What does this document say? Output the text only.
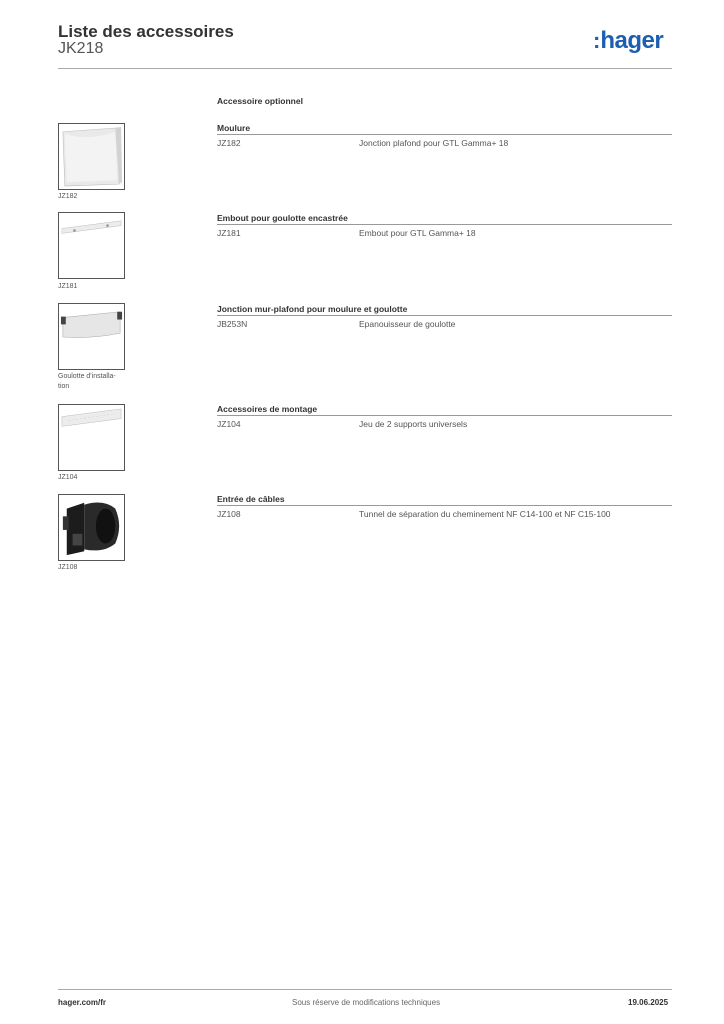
Liste des accessoires
JK218	:hager
Accessoire optionnel
Moulure
JZ182	Jonction plafond pour GTL Gamma+ 18
JZ182
Embout pour goulotte encastrée
JZ181	Embout pour GTL Gamma+ 18
JZ181
Jonction mur-plafond pour moulure et goulotte
JB253N	Epanouisseur de goulotte
Goulotte d'installa-
tion
Accessoires de montage
JZ104	Jeu de 2 supports universels
JZ104
Entrée de câbles
JZ108	Tunnel de séparation du cheminement NF C14-100 et NF C15-100
JZ108
hager.com/fr	Sous réserve de modifications techniques	19.06.2025
